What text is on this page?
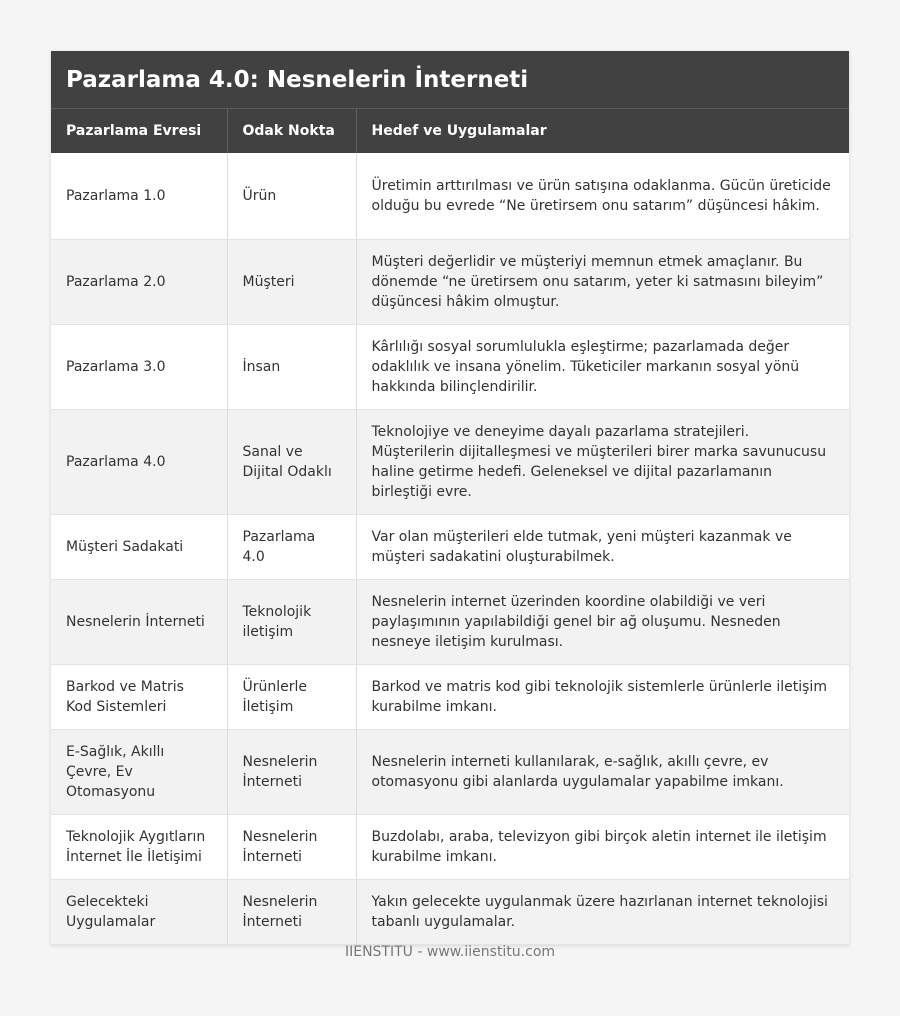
Pazarlama 4.0: Nesnelerin İnterneti
Pazarlama Evresi	Odak Nokta	Hedef ve Uygulamalar
Pazarlama 1.0	Ürün	Üretimin arttırılması ve ürün satışına odaklanma. Gücün üreticide olduğu bu evrede “Ne üretirsem onu satarım” düşüncesi hâkim.
Pazarlama 2.0	Müşteri	Müşteri değerlidir ve müşteriyi memnun etmek amaçlanır. Bu dönemde “ne üretirsem onu satarım, yeter ki satmasını bileyim” düşüncesi hâkim olmuştur.
Pazarlama 3.0	İnsan	Kârlılığı sosyal sorumlulukla eşleştirme; pazarlamada değer odaklılık ve insana yönelim. Tüketiciler markanın sosyal yönü hakkında bilinçlendirilir.
Pazarlama 4.0	Sanal ve Dijital Odaklı	Teknolojiye ve deneyime dayalı pazarlama stratejileri. Müşterilerin dijitalleşmesi ve müşterileri birer marka savunucusu haline getirme hedefi. Geleneksel ve dijital pazarlamanın birleştiği evre.
Müşteri Sadakati	Pazarlama 4.0	Var olan müşterileri elde tutmak, yeni müşteri kazanmak ve müşteri sadakatini oluşturabilmek.
Nesnelerin İnterneti	Teknolojik iletişim	Nesnelerin internet üzerinden koordine olabildiği ve veri paylaşımının yapılabildiği genel bir ağ oluşumu. Nesneden nesneye iletişim kurulması.
Barkod ve Matris Kod Sistemleri	Ürünlerle İletişim	Barkod ve matris kod gibi teknolojik sistemlerle ürünlerle iletişim kurabilme imkanı.
E-Sağlık, Akıllı Çevre, Ev Otomasyonu	Nesnelerin İnterneti	Nesnelerin interneti kullanılarak, e-sağlık, akıllı çevre, ev otomasyonu gibi alanlarda uygulamalar yapabilme imkanı.
Teknolojik Aygıtların İnternet İle İletişimi	Nesnelerin İnterneti	Buzdolabı, araba, televizyon gibi birçok aletin internet ile iletişim kurabilme imkanı.
Gelecekteki Uygulamalar	Nesnelerin İnterneti	Yakın gelecekte uygulanmak üzere hazırlanan internet teknolojisi tabanlı uygulamalar.
IIENSTITU - www.iienstitu.com
